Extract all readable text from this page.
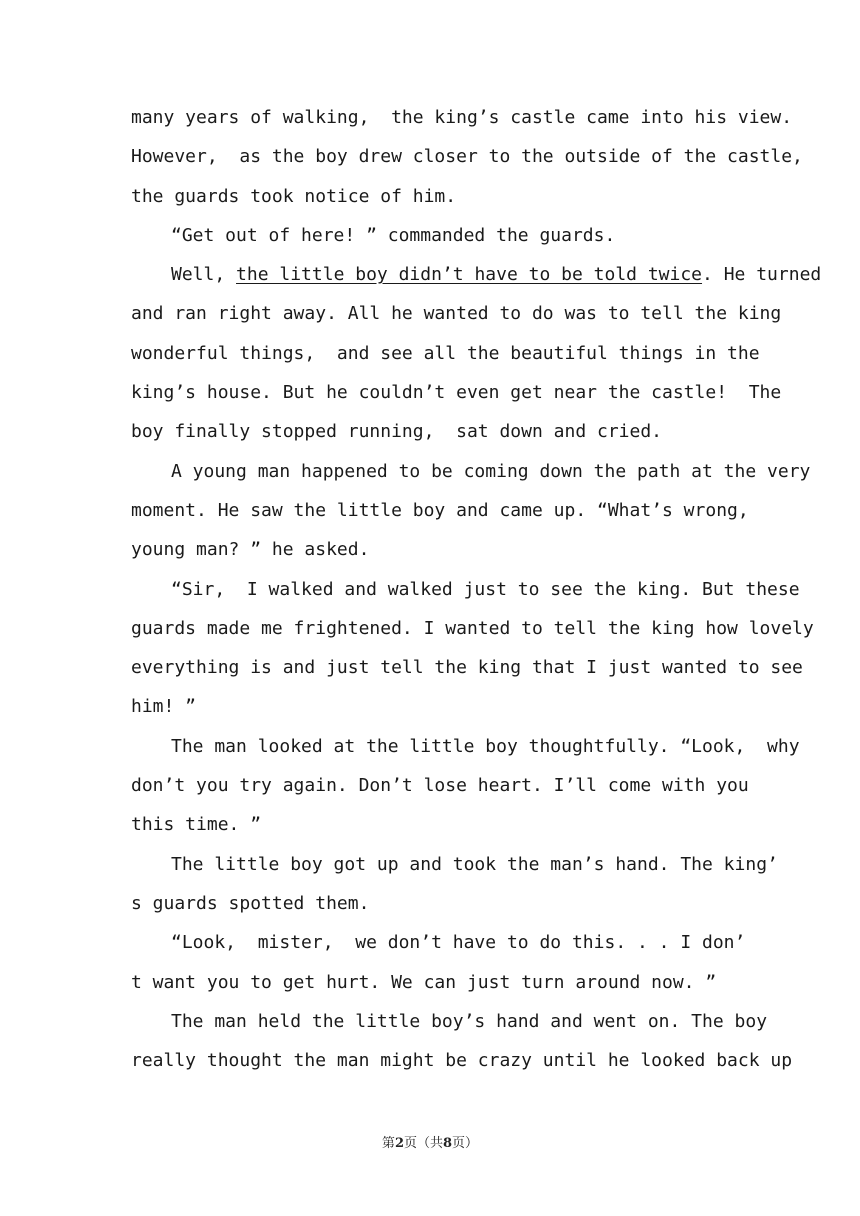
many years of walking,  the king’s castle came into his view.
However,  as the boy drew closer to the outside of the castle,
the guards took notice of him.
“Get out of here! ” commanded the guards.
Well, the little boy didn’t have to be told twice. He turned
and ran right away. All he wanted to do was to tell the king
wonderful things,  and see all the beautiful things in the
king’s house. But he couldn’t even get near the castle!  The
boy finally stopped running,  sat down and cried.
A young man happened to be coming down the path at the very
moment. He saw the little boy and came up. “What’s wrong,
young man? ” he asked.
“Sir,  I walked and walked just to see the king. But these
guards made me frightened. I wanted to tell the king how lovely
everything is and just tell the king that I just wanted to see
him! ”
The man looked at the little boy thoughtfully. “Look,  why
don’t you try again. Don’t lose heart. I’ll come with you
this time. ”
The little boy got up and took the man’s hand. The king’
s guards spotted them.
“Look,  mister,  we don’t have to do this. . . I don’
t want you to get hurt. We can just turn around now. ”
The man held the little boy’s hand and went on. The boy
really thought the man might be crazy until he looked back up
第2页（共8页）
